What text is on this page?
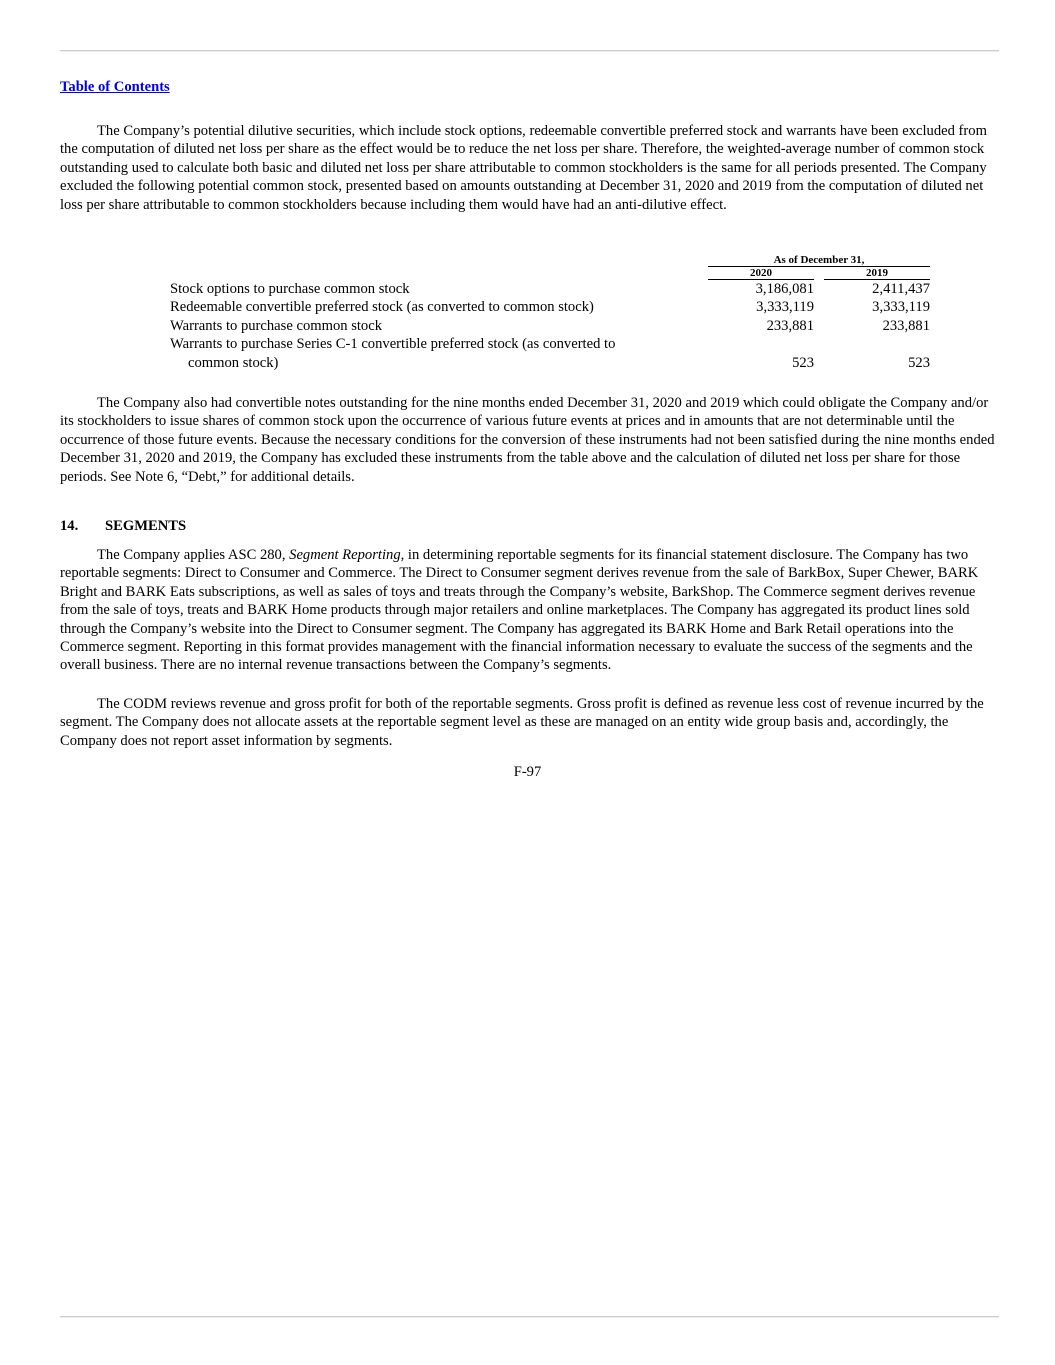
Table of Contents

The Company’s potential dilutive securities, which include stock options, redeemable convertible preferred stock and warrants have been excluded from the computation of diluted net loss per share as the effect would be to reduce the net loss per share. Therefore, the weighted-average number of common stock outstanding used to calculate both basic and diluted net loss per share attributable to common stockholders is the same for all periods presented. The Company excluded the following potential common stock, presented based on amounts outstanding at December 31, 2020 and 2019 from the computation of diluted net loss per share attributable to common stockholders because including them would have had an anti-dilutive effect.

		As of December 31,		
		2020		2019
Stock options to purchase common stock		3,186,081		2,411,437
Redeemable convertible preferred stock (as converted to common stock)		3,333,119		3,333,119
Warrants to purchase common stock		233,881		233,881
Warrants to purchase Series C-1 convertible preferred stock (as converted to				
common stock)		523		523

The Company also had convertible notes outstanding for the nine months ended December 31, 2020 and 2019 which could obligate the Company and/or its stockholders to issue shares of common stock upon the occurrence of various future events at prices and in amounts that are not determinable until the occurrence of those future events. Because the necessary conditions for the conversion of these instruments had not been satisfied during the nine months ended December 31, 2020 and 2019, the Company has excluded these instruments from the table above and the calculation of diluted net loss per share for those periods. See Note 6, “Debt,” for additional details.

14. SEGMENTS

The Company applies ASC 280, Segment Reporting, in determining reportable segments for its financial statement disclosure. The Company has two reportable segments: Direct to Consumer and Commerce. The Direct to Consumer segment derives revenue from the sale of BarkBox, Super Chewer, BARK Bright and BARK Eats subscriptions, as well as sales of toys and treats through the Company’s website, BarkShop. The Commerce segment derives revenue from the sale of toys, treats and BARK Home products through major retailers and online marketplaces. The Company has aggregated its product lines sold through the Company’s website into the Direct to Consumer segment. The Company has aggregated its BARK Home and Bark Retail operations into the Commerce segment. Reporting in this format provides management with the financial information necessary to evaluate the success of the segments and the overall business. There are no internal revenue transactions between the Company’s segments.

The CODM reviews revenue and gross profit for both of the reportable segments. Gross profit is defined as revenue less cost of revenue incurred by the segment. The Company does not allocate assets at the reportable segment level as these are managed on an entity wide group basis and, accordingly, the Company does not report asset information by segments.

F-97
